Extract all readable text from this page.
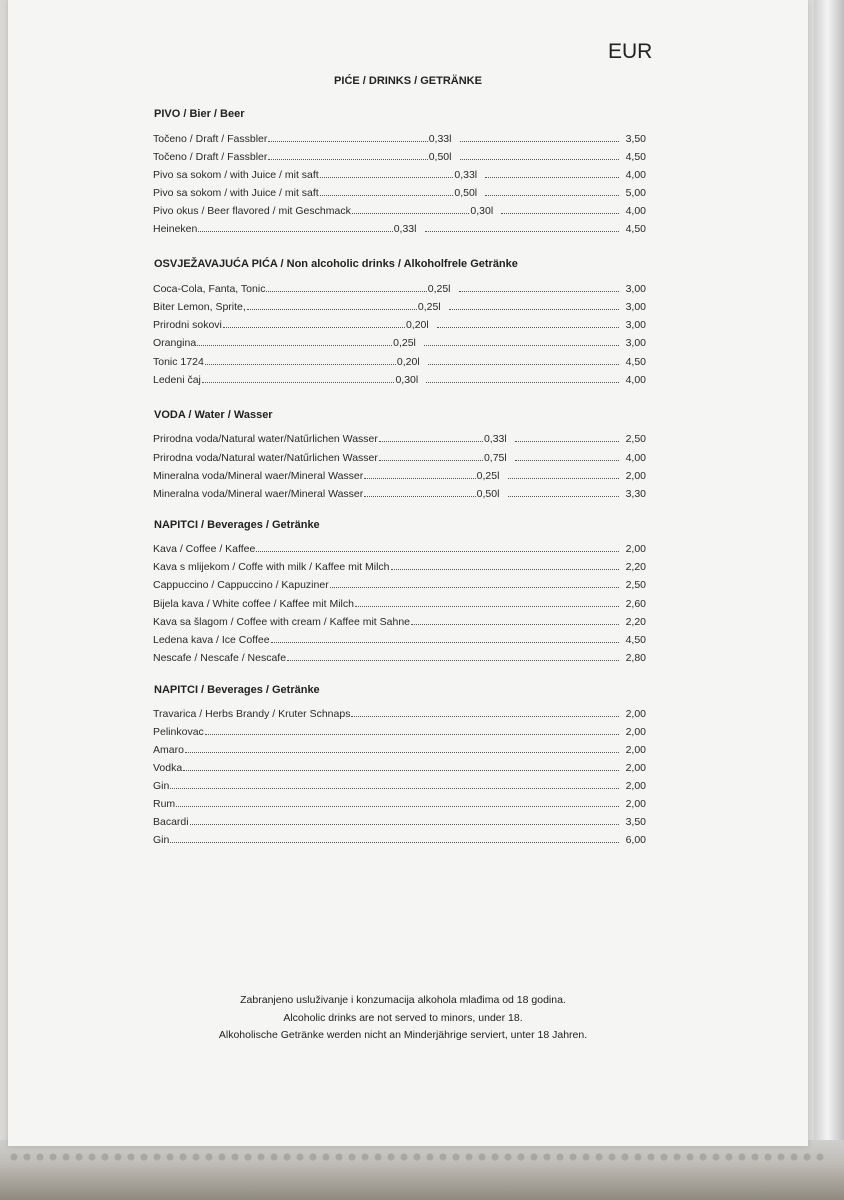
EUR
PIĆE / DRINKS / GETRÄNKE
PIVO / Bier / Beer
Točeno / Draft / Fassbler	0,33l	3,50
Točeno / Draft / Fassbler	0,50l	4,50
Pivo sa sokom / with Juice / mit saft	0,33l	4,00
Pivo sa sokom / with Juice / mit saft	0,50l	5,00
Pivo okus / Beer flavored / mit Geschmack	0,30l	4,00
Heineken	0,33l	4,50
OSVJEŽAVAJUĆA PIĆA / Non alcoholic drinks / Alkoholfrele Getränke
Coca-Cola, Fanta, Tonic	0,25l	3,00
Biter Lemon, Sprite,	0,25l	3,00
Prirodni sokovi	0,20l	3,00
Orangina	0,25l	3,00
Tonic 1724	0,20l	4,50
Ledeni čaj	0,30l	4,00
VODA / Water / Wasser
Prirodna voda/Natural water/Natűrlichen Wasser	0,33l	2,50
Prirodna voda/Natural water/Natűrlichen Wasser	0,75l	4,00
Mineralna voda/Mineral waer/Mineral Wasser	0,25l	2,00
Mineralna voda/Mineral waer/Mineral Wasser	0,50l	3,30
NAPITCI / Beverages / Getränke
Kava / Coffee / Kaffee	2,00
Kava s mlijekom / Coffe with milk / Kaffee mit Milch	2,20
Cappuccino / Cappuccino / Kapuziner	2,50
Bijela kava / White coffee / Kaffee mit Milch	2,60
Kava sa šlagom / Coffee with cream / Kaffee mit Sahne	2,20
Ledena kava / Ice Coffee	4,50
Nescafe / Nescafe / Nescafe	2,80
NAPITCI / Beverages / Getränke
Travarica / Herbs Brandy / Kruter Schnaps	2,00
Pelinkovac	2,00
Amaro	2,00
Vodka	2,00
Gin	2,00
Rum	2,00
Bacardi	3,50
Gin	6,00
Zabranjeno usluživanje i konzumacija alkohola mlađima od 18 godina.
Alcoholic drinks are not served to minors, under 18.
Alkoholische Getränke werden nicht an Minderjährige serviert, unter 18 Jahren.
